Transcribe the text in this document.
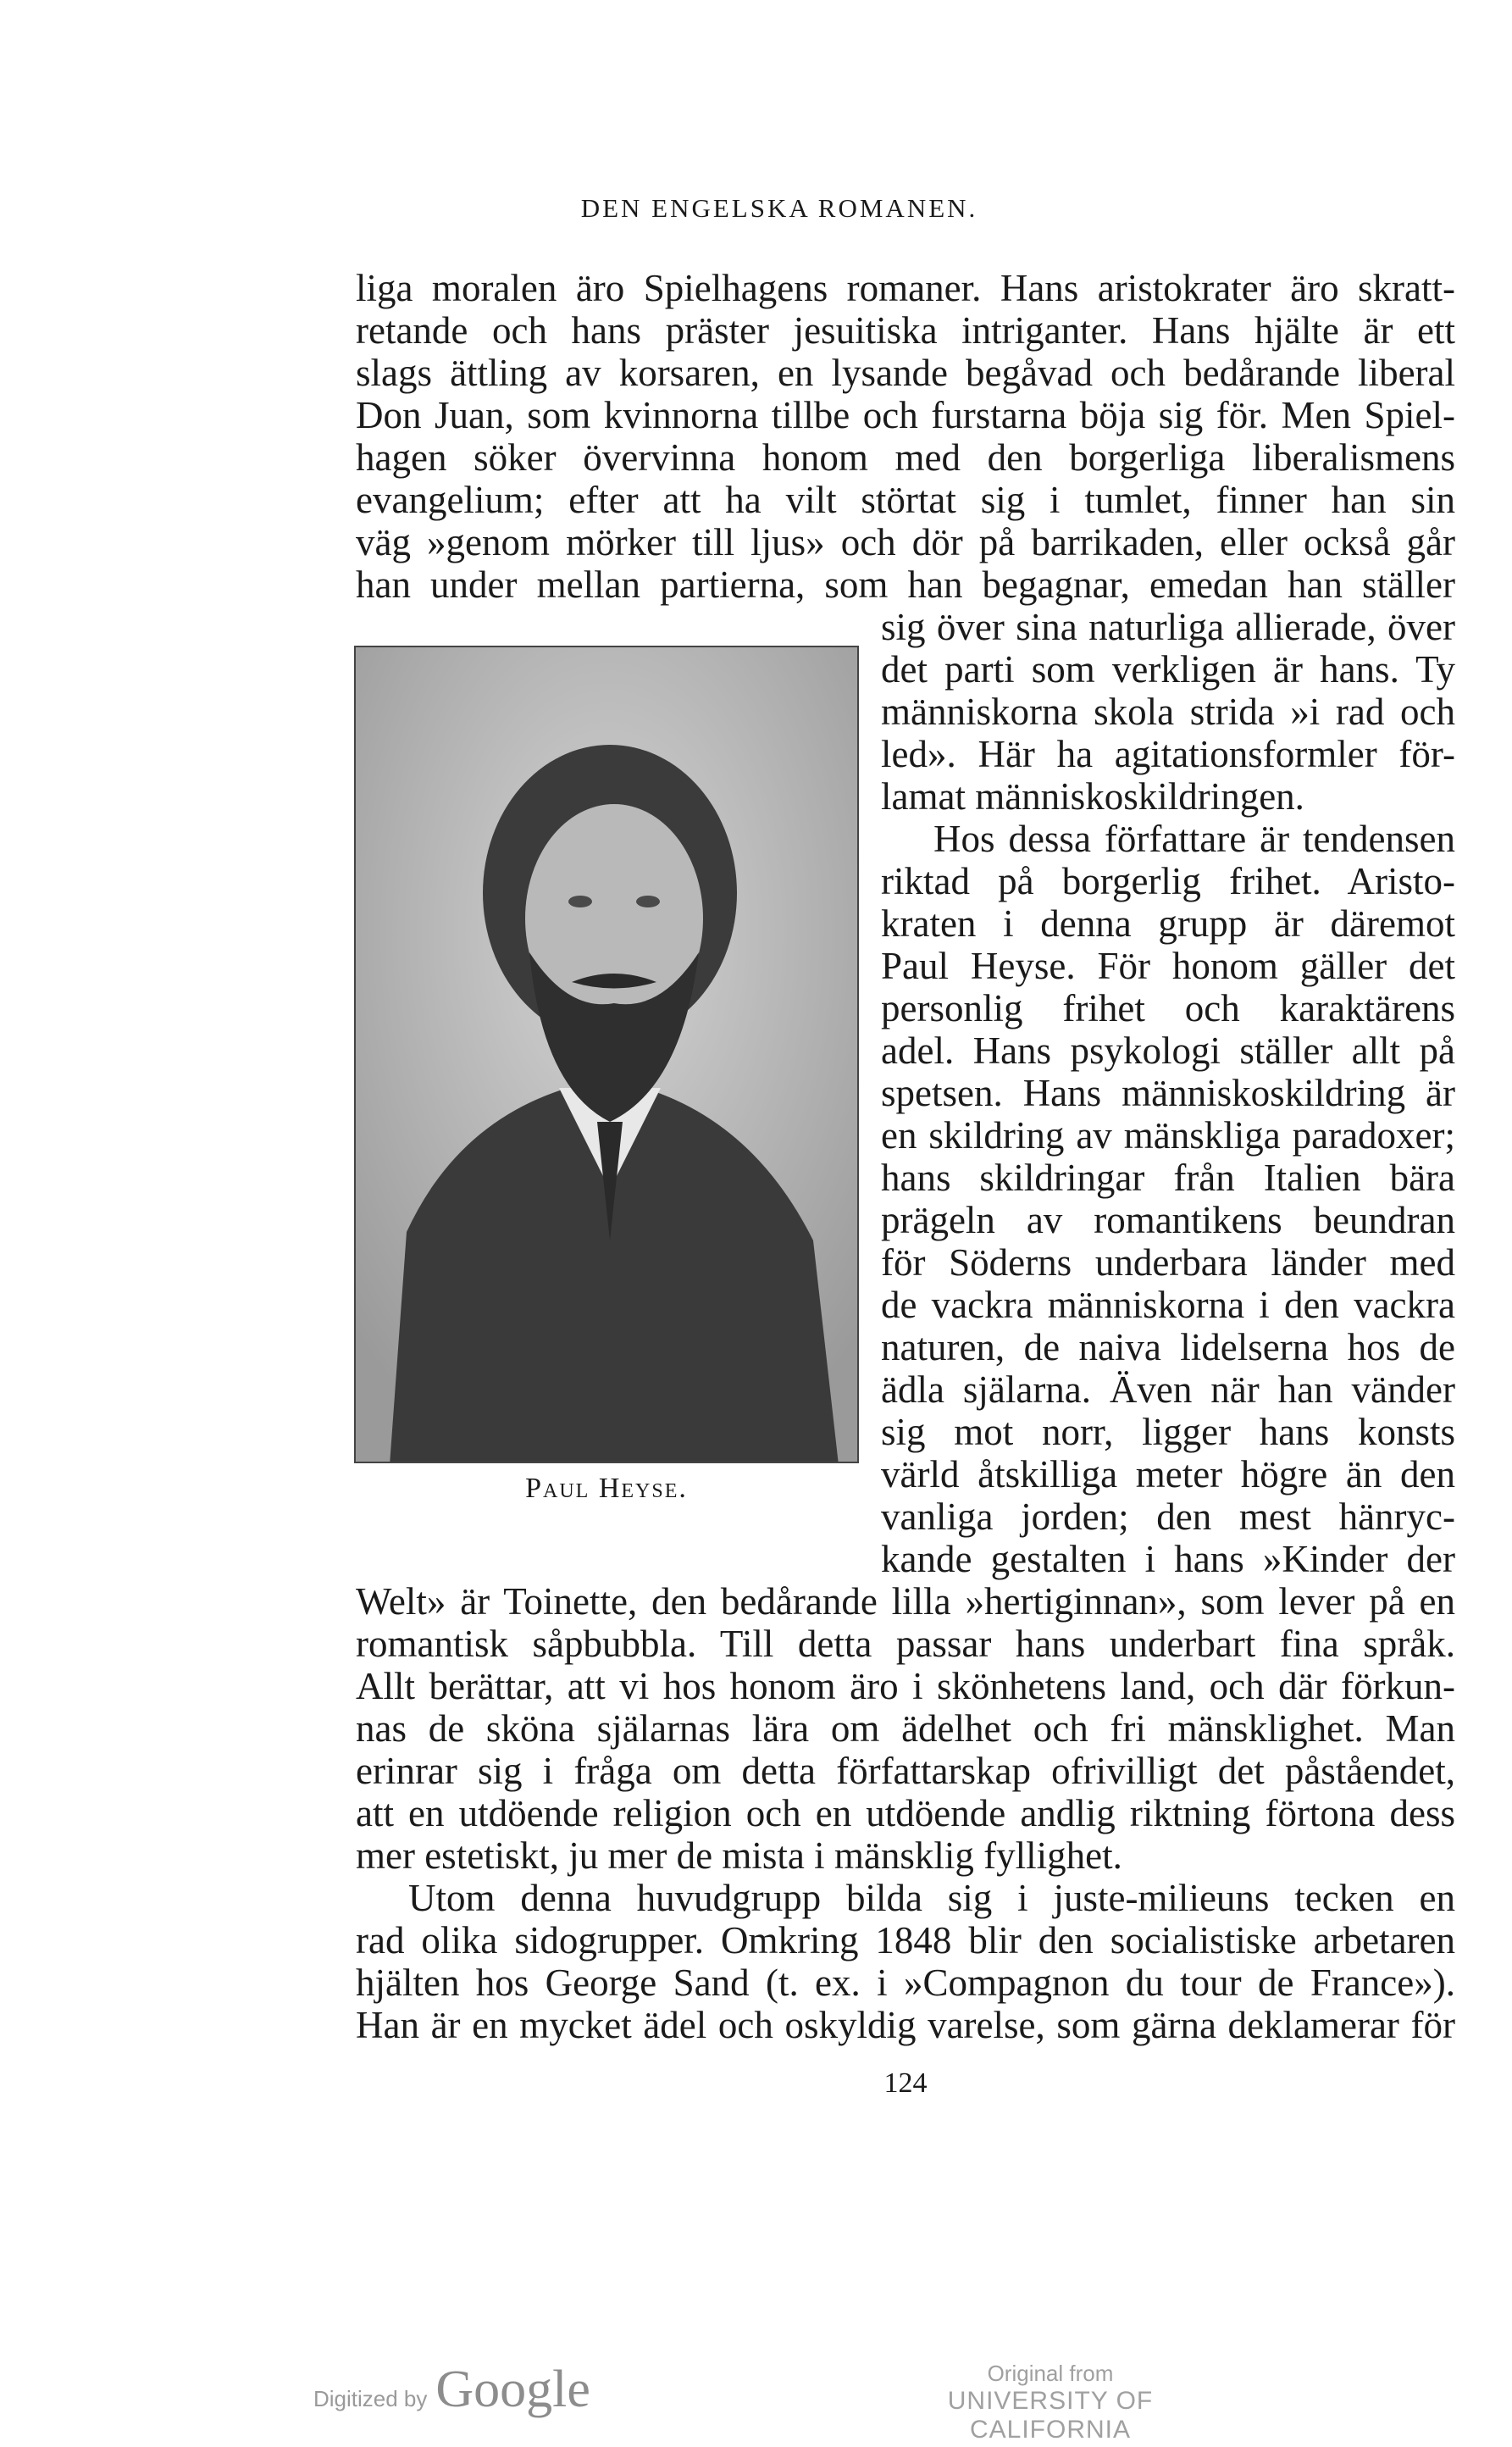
DEN ENGELSKA ROMANEN.
liga moralen äro Spielhagens romaner. Hans aristokrater äro skratt-
retande och hans präster jesuitiska intriganter. Hans hjälte är ett
slags ättling av korsaren, en lysande begåvad och bedårande liberal
Don Juan, som kvinnorna tillbe och furstarna böja sig för. Men Spiel-
hagen söker övervinna honom med den borgerliga liberalismens
evangelium; efter att ha vilt störtat sig i tumlet, finner han sin
väg »genom mörker till ljus» och dör på barrikaden, eller också går
han under mellan partierna, som han begagnar, emedan han ställer
Paul Heyse.
sig över sina naturliga allierade, över
det parti som verkligen är hans. Ty
människorna skola strida »i rad och
led». Här ha agitationsformler för-
lamat människoskildringen.
Hos dessa författare är tendensen
riktad på borgerlig frihet. Aristo-
kraten i denna grupp är däremot
Paul Heyse. För honom gäller det
personlig frihet och karaktärens
adel. Hans psykologi ställer allt på
spetsen. Hans människoskildring är
en skildring av mänskliga paradoxer;
hans skildringar från Italien bära
prägeln av romantikens beundran
för Söderns underbara länder med
de vackra människorna i den vackra
naturen, de naiva lidelserna hos de
ädla själarna. Även när han vänder
sig mot norr, ligger hans konsts
värld åtskilliga meter högre än den
vanliga jorden; den mest hänryc-
kande gestalten i hans »Kinder der
Welt» är Toinette, den bedårande lilla »hertiginnan», som lever på en
romantisk såpbubbla. Till detta passar hans underbart fina språk.
Allt berättar, att vi hos honom äro i skönhetens land, och där förkun-
nas de sköna själarnas lära om ädelhet och fri mänsklighet. Man
erinrar sig i fråga om detta författarskap ofrivilligt det påståendet,
att en utdöende religion och en utdöende andlig riktning förtona dess
mer estetiskt, ju mer de mista i mänsklig fyllighet.
Utom denna huvudgrupp bilda sig i juste-milieuns tecken en
rad olika sidogrupper. Omkring 1848 blir den socialistiske arbetaren
hjälten hos George Sand (t. ex. i »Compagnon du tour de France»).
Han är en mycket ädel och oskyldig varelse, som gärna deklamerar för
124
Digitized by Google	Original from
UNIVERSITY OF CALIFORNIA
